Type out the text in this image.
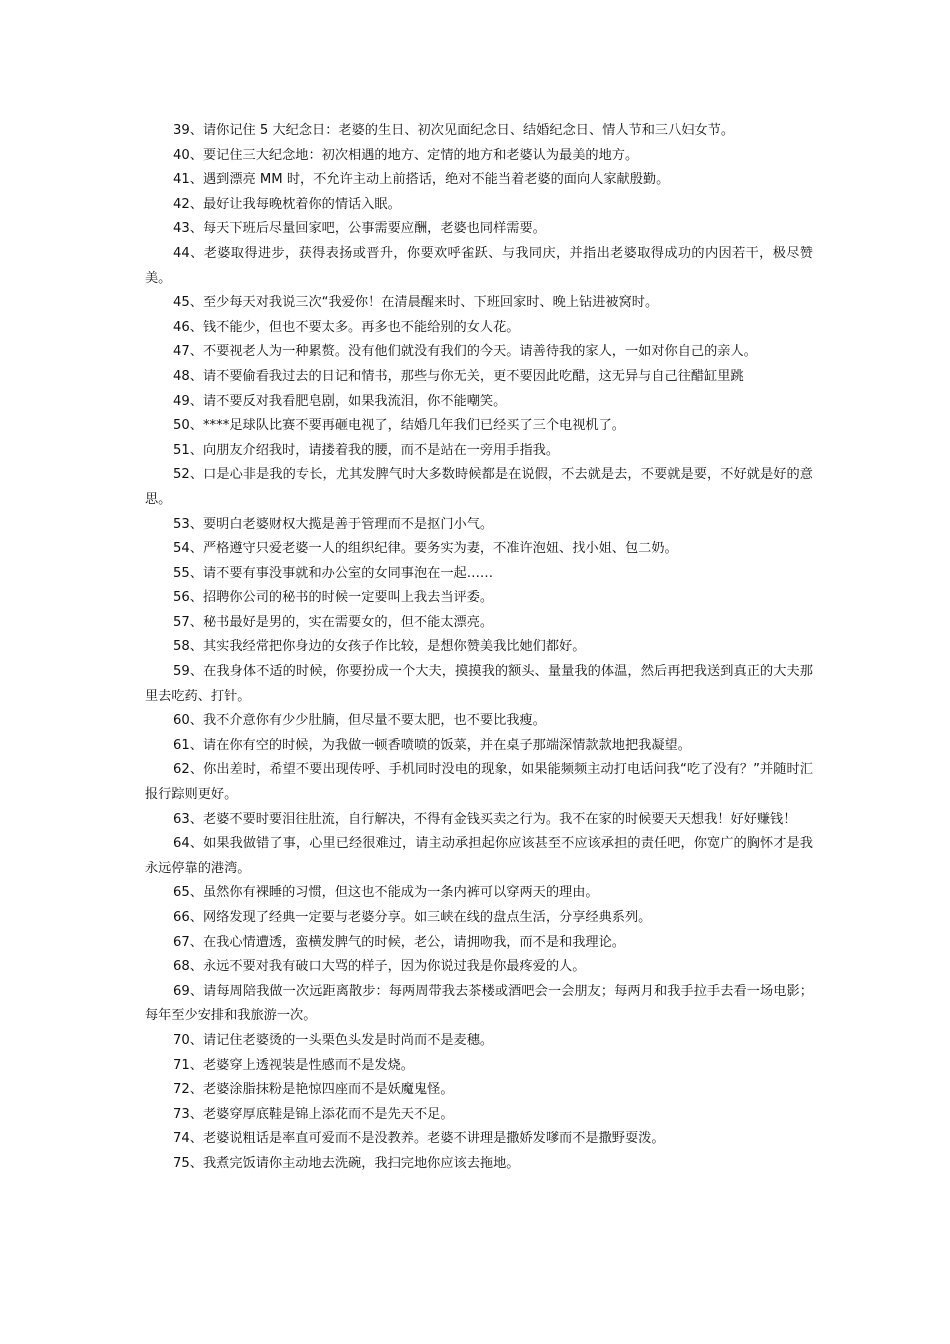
39、请你记住 5 大纪念日：老婆的生日、初次见面纪念日、结婚纪念日、情人节和三八妇女节。

40、要记住三大纪念地：初次相遇的地方、定情的地方和老婆认为最美的地方。

41、遇到漂亮 MM 时，不允许主动上前搭话，绝对不能当着老婆的面向人家献殷勤。

42、最好让我每晚枕着你的情话入眠。

43、每天下班后尽量回家吧，公事需要应酬，老婆也同样需要。

44、老婆取得进步，获得表扬或晋升，你要欢呼雀跃、与我同庆，并指出老婆取得成功的内因若干，极尽赞美。

45、至少每天对我说三次“我爱你！在清晨醒来时、下班回家时、晚上钻进被窝时。

46、钱不能少，但也不要太多。再多也不能给别的女人花。

47、不要视老人为一种累赘。没有他们就没有我们的今天。请善待我的家人，一如对你自己的亲人。

48、请不要偷看我过去的日记和情书，那些与你无关，更不要因此吃醋，这无异与自己往醋缸里跳

49、请不要反对我看肥皂剧，如果我流泪，你不能嘲笑。

50、****足球队比赛不要再砸电视了，结婚几年我们已经买了三个电视机了。

51、向朋友介绍我时，请搂着我的腰，而不是站在一旁用手指我。

52、口是心非是我的专长，尤其发脾气时大多数時候都是在说假，不去就是去，不要就是要，不好就是好的意思。

53、要明白老婆财权大揽是善于管理而不是抠门小气。

54、严格遵守只爱老婆一人的组织纪律。要务实为妻，不准许泡妞、找小姐、包二奶。

55、请不要有事没事就和办公室的女同事泡在一起……

56、招聘你公司的秘书的时候一定要叫上我去当评委。

57、秘书最好是男的，实在需要女的，但不能太漂亮。

58、其实我经常把你身边的女孩子作比较，是想你赞美我比她们都好。

59、在我身体不适的时候，你要扮成一个大夫，摸摸我的额头、量量我的体温，然后再把我送到真正的大夫那里去吃药、打针。

60、我不介意你有少少肚腩，但尽量不要太肥，也不要比我瘦。

61、请在你有空的时候，为我做一顿香喷喷的饭菜，并在桌子那端深情款款地把我凝望。

62、你出差时，希望不要出现传呼、手机同时没电的现象，如果能频频主动打电话问我“吃了没有？”并随时汇报行踪则更好。

63、老婆不要时要泪往肚流，自行解决，不得有金钱买卖之行为。我不在家的时候要天天想我！好好赚钱！

64、如果我做错了事，心里已经很难过，请主动承担起你应该甚至不应该承担的责任吧，你宽广的胸怀才是我永远停靠的港湾。

65、虽然你有裸睡的习惯，但这也不能成为一条内裤可以穿两天的理由。

66、网络发现了经典一定要与老婆分享。如三峡在线的盘点生活，分享经典系列。

67、在我心情遭透，蛮横发脾气的时候，老公，请拥吻我，而不是和我理论。

68、永远不要对我有破口大骂的样子，因为你说过我是你最疼爱的人。

69、请每周陪我做一次远距离散步：每两周带我去茶楼或酒吧会一会朋友；每两月和我手拉手去看一场电影；每年至少安排和我旅游一次。

70、请记住老婆烫的一头栗色头发是时尚而不是麦穗。

71、老婆穿上透视装是性感而不是发烧。

72、老婆涂脂抹粉是艳惊四座而不是妖魔鬼怪。

73、老婆穿厚底鞋是锦上添花而不是先天不足。

74、老婆说粗话是率直可爱而不是没教养。老婆不讲理是撒娇发嗲而不是撒野耍泼。

75、我煮完饭请你主动地去洗碗，我扫完地你应该去拖地。
